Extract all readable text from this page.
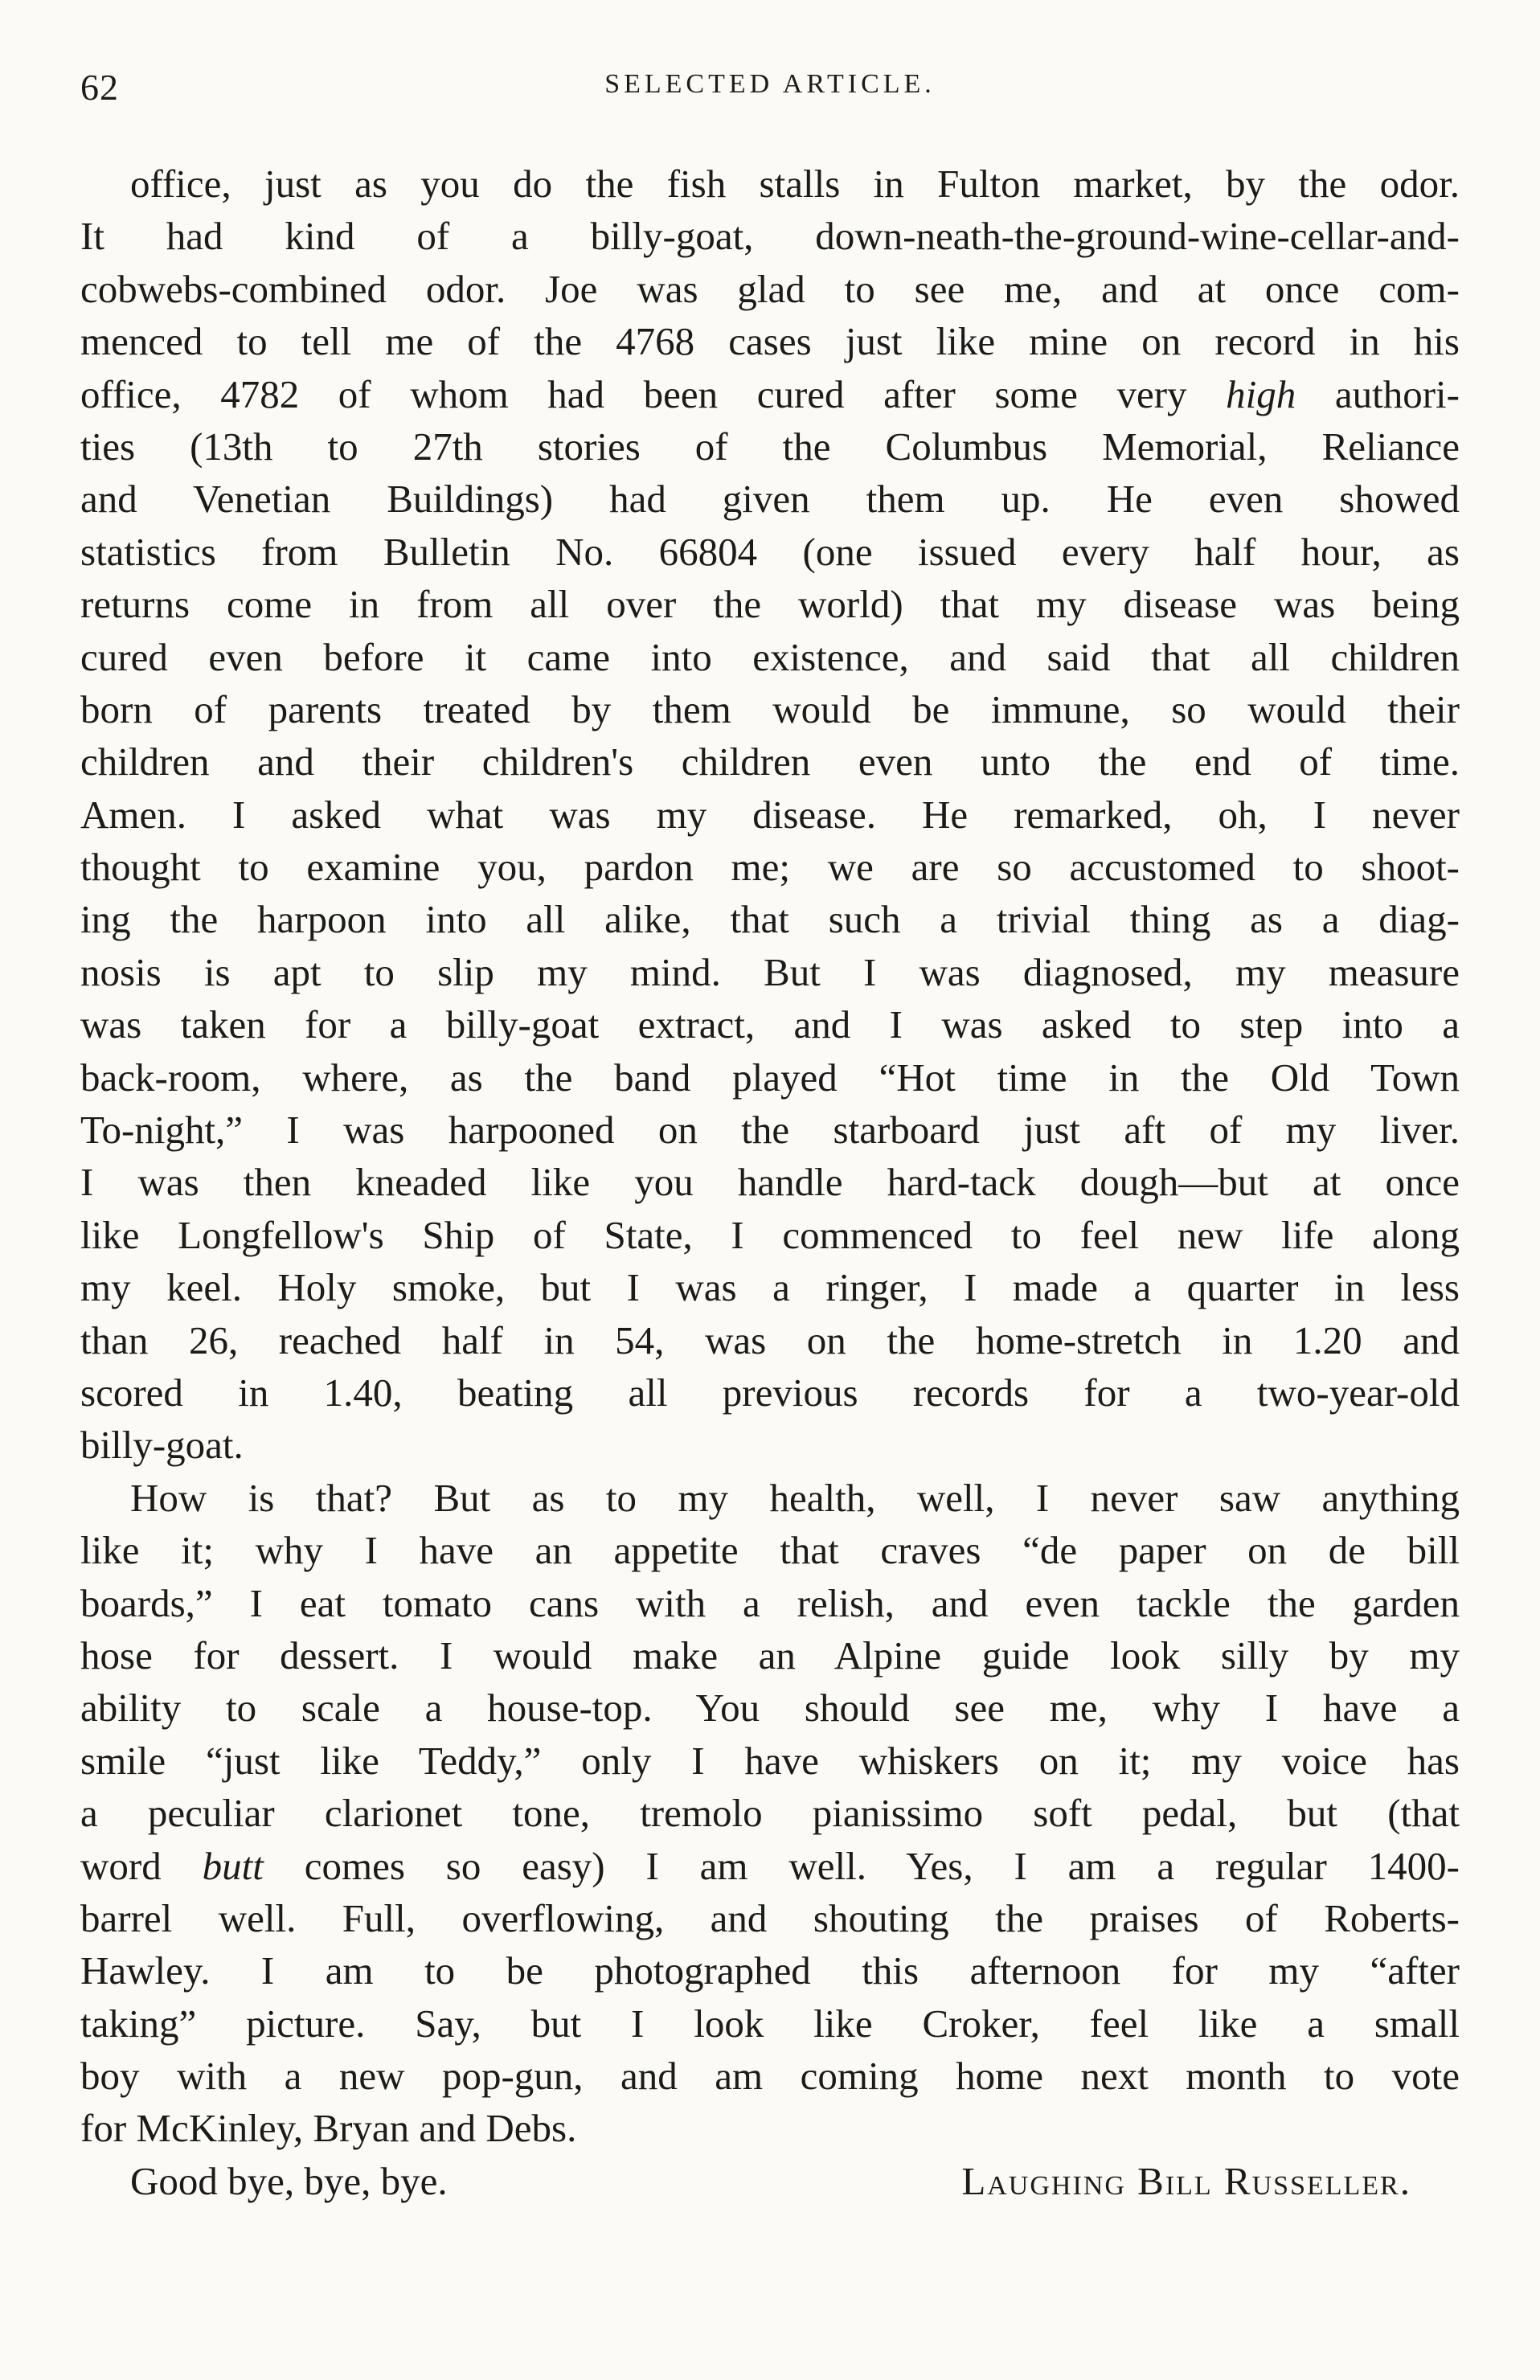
62	SELECTED ARTICLE.
office, just as you do the fish stalls in Fulton market, by the odor.
It had kind of a billy-goat, down-neath-the-ground-wine-cellar-and-
cobwebs-combined odor. Joe was glad to see me, and at once com-
menced to tell me of the 4768 cases just like mine on record in his
office, 4782 of whom had been cured after some very high authori-
ties (13th to 27th stories of the Columbus Memorial, Reliance
and Venetian Buildings) had given them up. He even showed
statistics from Bulletin No. 66804 (one issued every half hour, as
returns come in from all over the world) that my disease was being
cured even before it came into existence, and said that all children
born of parents treated by them would be immune, so would their
children and their children's children even unto the end of time.
Amen. I asked what was my disease. He remarked, oh, I never
thought to examine you, pardon me; we are so accustomed to shoot-
ing the harpoon into all alike, that such a trivial thing as a diag-
nosis is apt to slip my mind. But I was diagnosed, my measure
was taken for a billy-goat extract, and I was asked to step into a
back-room, where, as the band played “Hot time in the Old Town
To-night,” I was harpooned on the starboard just aft of my liver.
I was then kneaded like you handle hard-tack dough—but at once
like Longfellow's Ship of State, I commenced to feel new life along
my keel. Holy smoke, but I was a ringer, I made a quarter in less
than 26, reached half in 54, was on the home-stretch in 1.20 and
scored in 1.40, beating all previous records for a two-year-old
billy-goat.
How is that? But as to my health, well, I never saw anything
like it; why I have an appetite that craves “de paper on de bill
boards,” I eat tomato cans with a relish, and even tackle the garden
hose for dessert. I would make an Alpine guide look silly by my
ability to scale a house-top. You should see me, why I have a
smile “just like Teddy,” only I have whiskers on it; my voice has
a peculiar clarionet tone, tremolo pianissimo soft pedal, but (that
word butt comes so easy) I am well. Yes, I am a regular 1400-
barrel well. Full, overflowing, and shouting the praises of Roberts-
Hawley. I am to be photographed this afternoon for my “after
taking” picture. Say, but I look like Croker, feel like a small
boy with a new pop-gun, and am coming home next month to vote
for McKinley, Bryan and Debs.
Good bye, bye, bye.	Laughing Bill Russeller.
